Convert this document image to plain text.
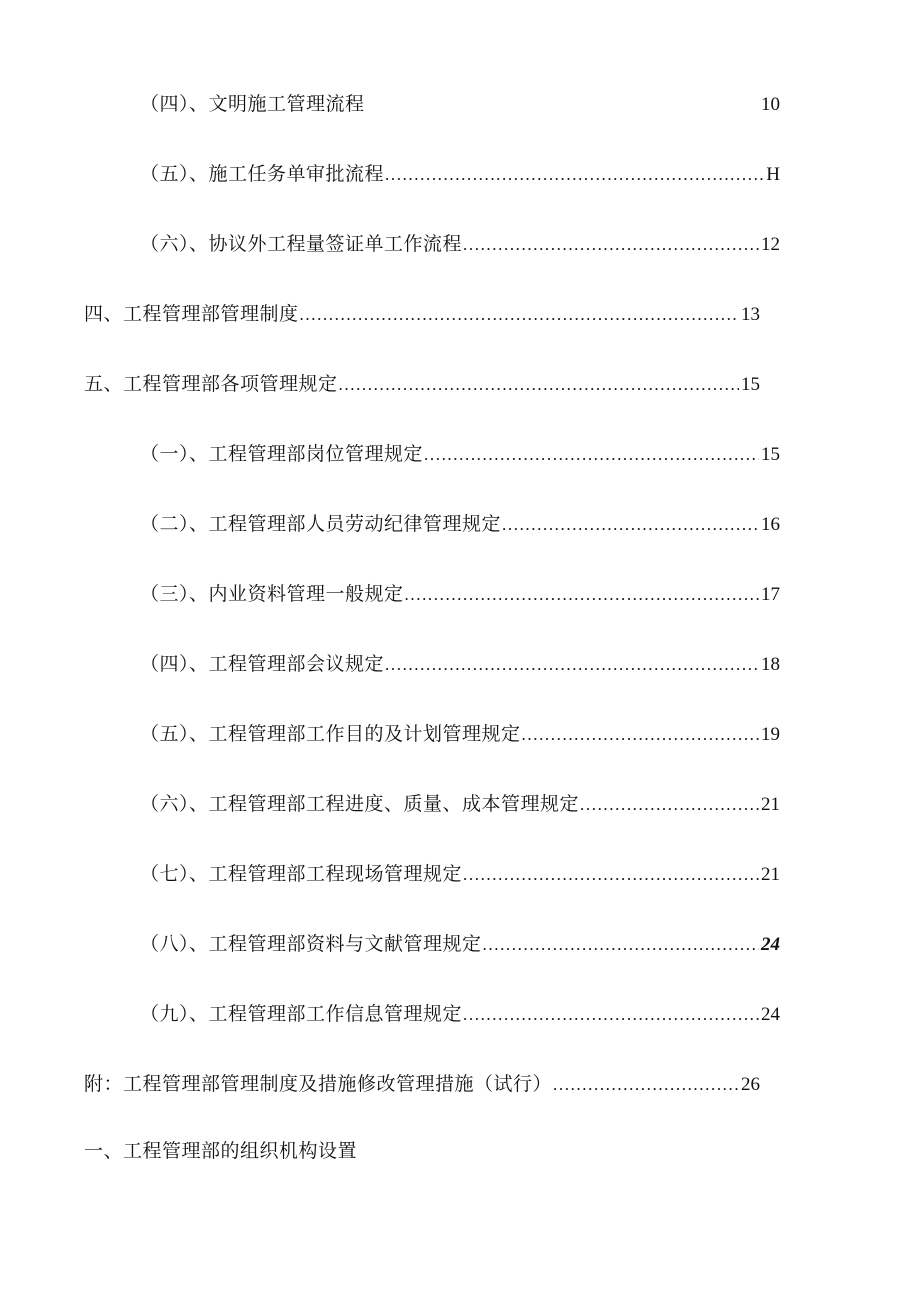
（四）、文明施工管理流程	10
（五）、施工任务单审批流程 .....	H
（六）、协议外工程量签证单工作流程 .....	12
四、工程管理部管理制度 .....	13
五、工程管理部各项管理规定 .....	15
（一）、工程管理部岗位管理规定 .....	15
（二）、工程管理部人员劳动纪律管理规定 .....	16
（三）、内业资料管理一般规定 .....	17
（四）、工程管理部会议规定 .....	18
（五）、工程管理部工作目的及计划管理规定 .....	19
（六）、工程管理部工程进度、质量、成本管理规定 .....	21
（七）、工程管理部工程现场管理规定 .....	21
（八）、工程管理部资料与文献管理规定 .....	24
（九）、工程管理部工作信息管理规定 .....	24
附：工程管理部管理制度及措施修改管理措施（试行） .....	26
一、工程管理部的组织机构设置
